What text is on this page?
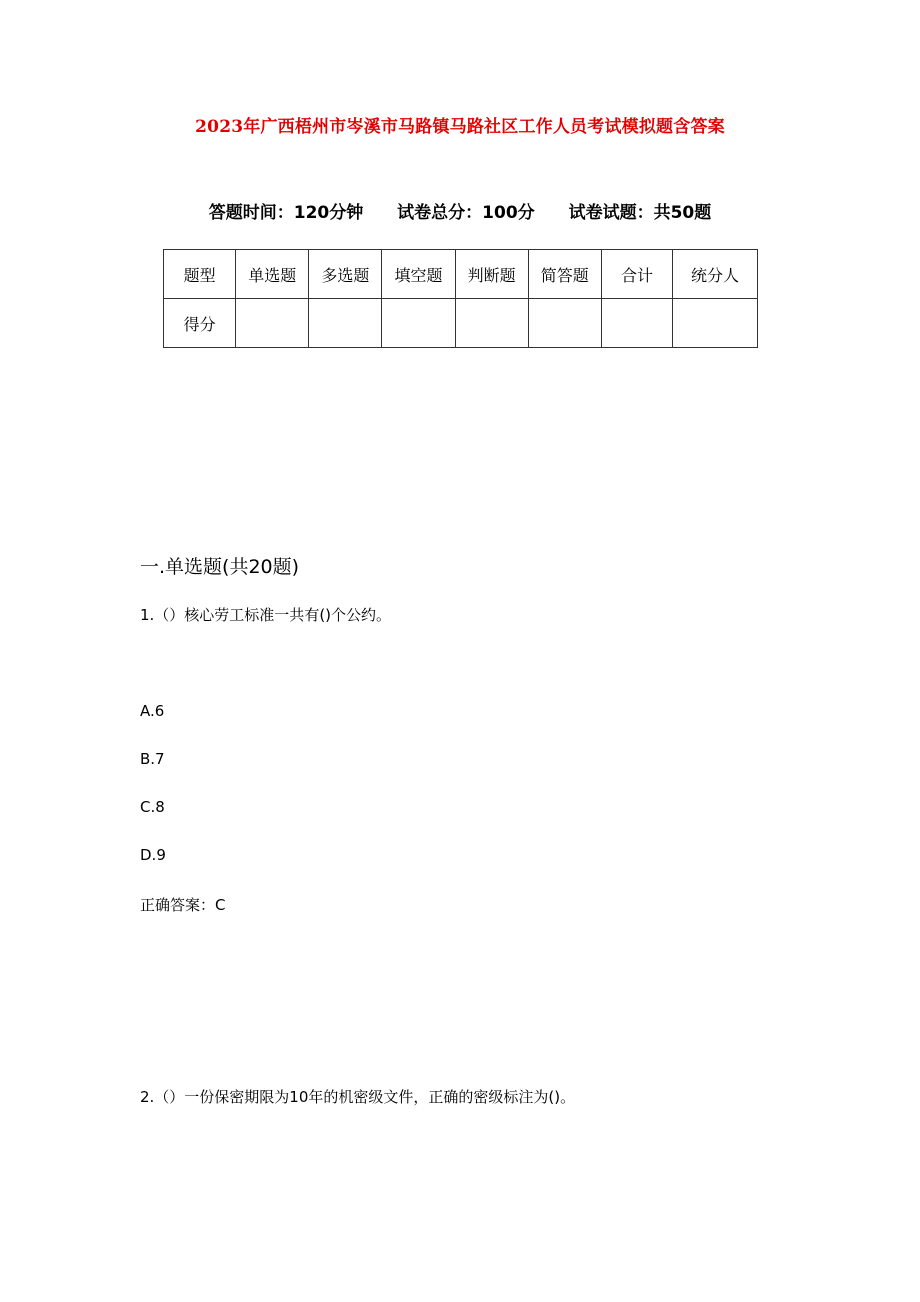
2023年广西梧州市岑溪市马路镇马路社区工作人员考试模拟题含答案
答题时间：120分钟 试卷总分：100分 试卷试题：共50题
题型	单选题	多选题	填空题	判断题	简答题	合计	统分人
得分							
一.单选题(共20题)
1.（）核心劳工标准一共有()个公约。
A.6
B.7
C.8
D.9
正确答案：C
2.（）一份保密期限为10年的机密级文件，正确的密级标注为()。
